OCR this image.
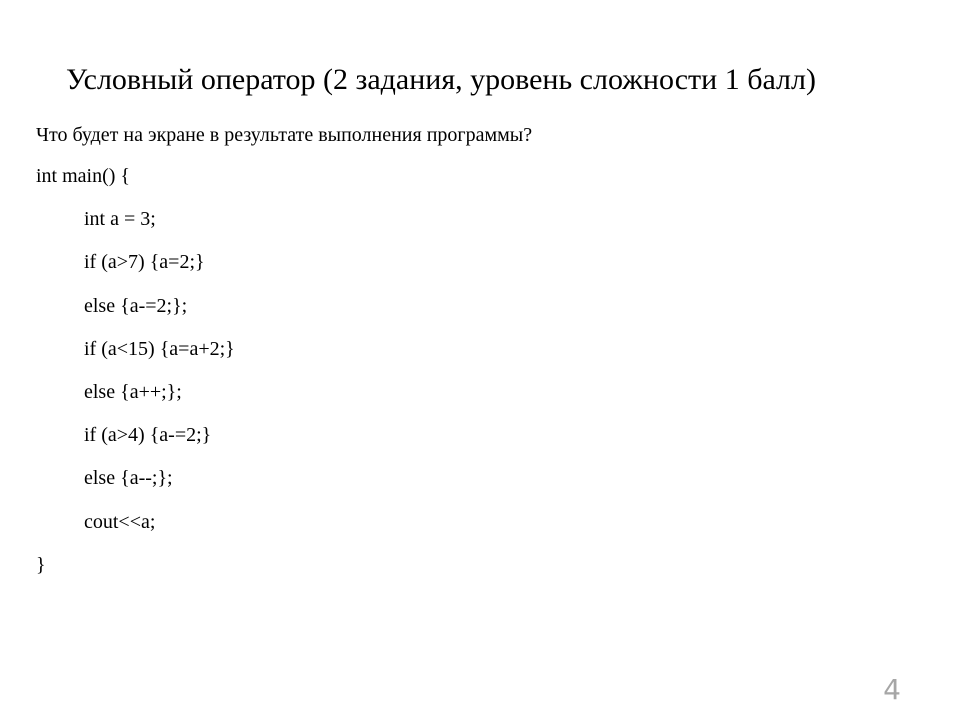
Условный оператор (2 задания, уровень сложности 1 балл)
Что будет на экране в результате выполнения программы?
int main() {
int a = 3;
if (a>7) {a=2;}
else {a-=2;};
if (a<15) {a=a+2;}
else {a++;};
if (a>4) {a-=2;}
else {a--;};
cout<<a;
}
4
